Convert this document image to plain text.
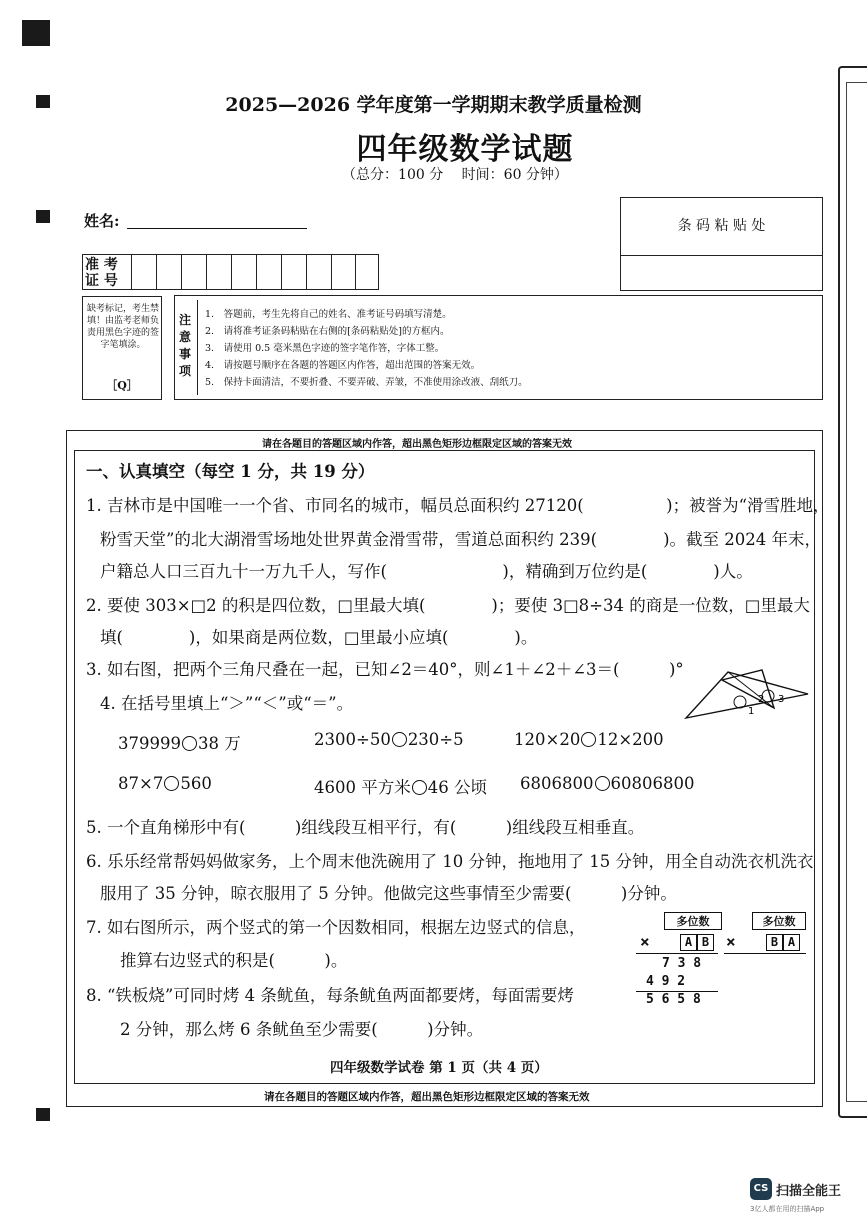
2025—2026 学年度第一学期期末教学质量检测
四年级数学试题
（总分：100 分　 时间：60 分钟）
姓名:	条 码 粘 贴 处
准 考
证 号
缺考标记，考生禁填！由监考老师负责用黑色字迹的签字笔填涂。
［Q］
注意事项
1.　答题前，考生先将自己的姓名、准考证号码填写清楚。
2.　请将准考证条码粘贴在右侧的[条码粘贴处]的方框内。
3.　请使用 0.5 毫米黑色字迹的签字笔作答，字体工整。
4.　请按题号顺序在各题的答题区内作答，超出范围的答案无效。
5.　保持卡面清洁，不要折叠、不要弄破、弄皱，不准使用涂改液、刮纸刀。
请在各题目的答题区域内作答，超出黑色矩形边框限定区域的答案无效
一、认真填空（每空 1 分，共 19 分）
1. 吉林市是中国唯一一个省、市同名的城市，幅员总面积约 27120(　　　　　)；被誉为“滑雪胜地，
粉雪天堂”的北大湖滑雪场地处世界黄金滑雪带，雪道总面积约 239(　　　　)。截至 2024 年末，
户籍总人口三百九十一万九千人，写作(　　　　　　　)，精确到万位约是(　　　　)人。
2. 要使 303×□2 的积是四位数，□里最大填(　　　　)；要使 3□8÷34 的商是一位数，□里最大
填(　　　　)，如果商是两位数，□里最小应填(　　　　)。
3. 如右图，把两个三角尺叠在一起，已知∠2＝40°，则∠1＋∠2＋∠3＝(　　　)°
4. 在括号里填上“＞”“＜”或“＝”。
379999 38 万	2300÷50 230÷5	120×20 12×200
87×7 560	4600 平方米 46 公顷 6806800 60806800
1
2 3
5. 一个直角梯形中有(　　　)组线段互相平行，有(　　　)组线段互相垂直。
6. 乐乐经常帮妈妈做家务，上个周末他洗碗用了 10 分钟，拖地用了 15 分钟，用全自动洗衣机洗衣
服用了 35 分钟，晾衣服用了 5 分钟。他做完这些事情至少需要(　　　)分钟。
7. 如右图所示，两个竖式的第一个因数相同，根据左边竖式的信息，
推算右边竖式的积是(　　　)。
8. “铁板烧”可同时烤 4 条鱿鱼，每条鱿鱼两面都要烤，每面需要烤
2 分钟，那么烤 6 条鱿鱼至少需要(　　　)分钟。
多位数	多位数
×	A B	×	B A
7 3 8
4 9 2
5 6 5 8
四年级数学试卷 第 1 页（共 4 页）
请在各题目的答题区域内作答，超出黑色矩形边框限定区域的答案无效
CS 扫描全能王
3亿人都在用的扫描App
